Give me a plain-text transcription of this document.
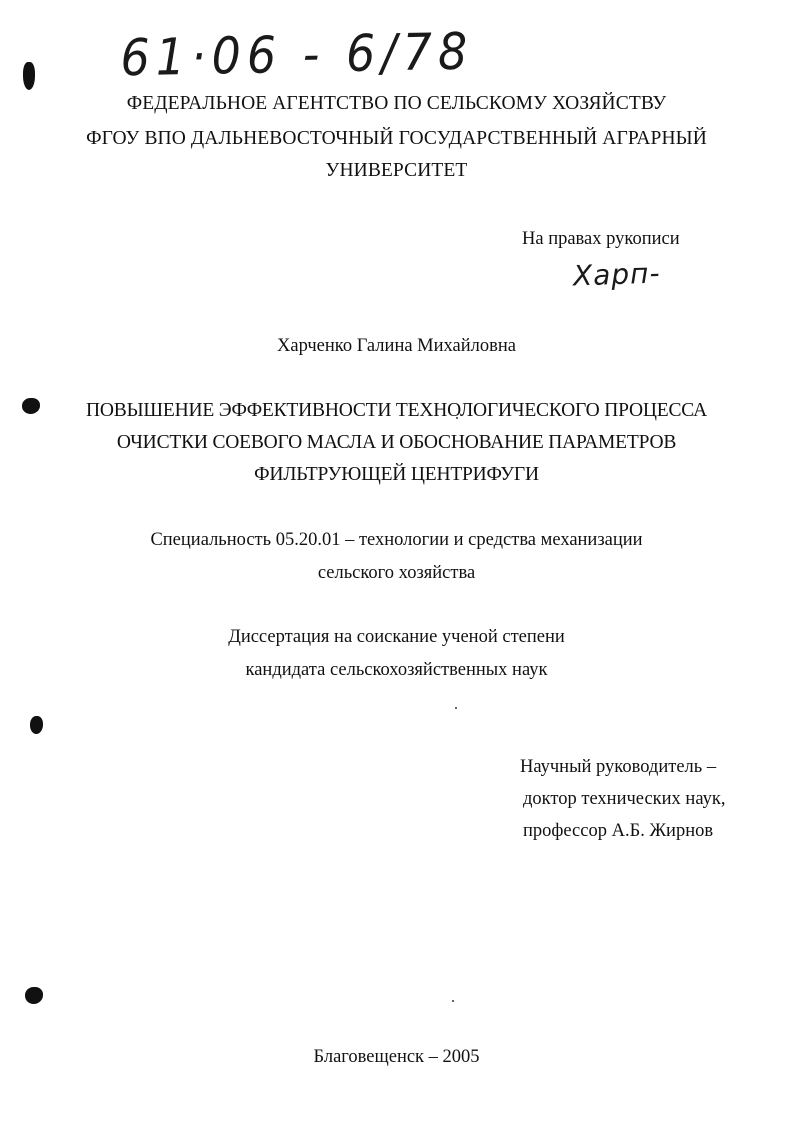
61·06 - 6/78
ФЕДЕРАЛЬНОЕ АГЕНТСТВО ПО СЕЛЬСКОМУ ХОЗЯЙСТВУ
ФГОУ ВПО ДАЛЬНЕВОСТОЧНЫЙ ГОСУДАРСТВЕННЫЙ АГРАРНЫЙ
УНИВЕРСИТЕТ
На правах рукописи
Харп-
Харченко Галина Михайловна
ПОВЫШЕНИЕ ЭФФЕКТИВНОСТИ ТЕХНОЛОГИЧЕСКОГО ПРОЦЕССА
ОЧИСТКИ СОЕВОГО МАСЛА И ОБОСНОВАНИЕ ПАРАМЕТРОВ
ФИЛЬТРУЮЩЕЙ ЦЕНТРИФУГИ
Специальность 05.20.01 – технологии и средства механизации
сельского хозяйства
Диссертация на соискание ученой степени
кандидата сельскохозяйственных наук
Научный руководитель –
доктор технических наук,
профессор А.Б. Жирнов
Благовещенск – 2005
